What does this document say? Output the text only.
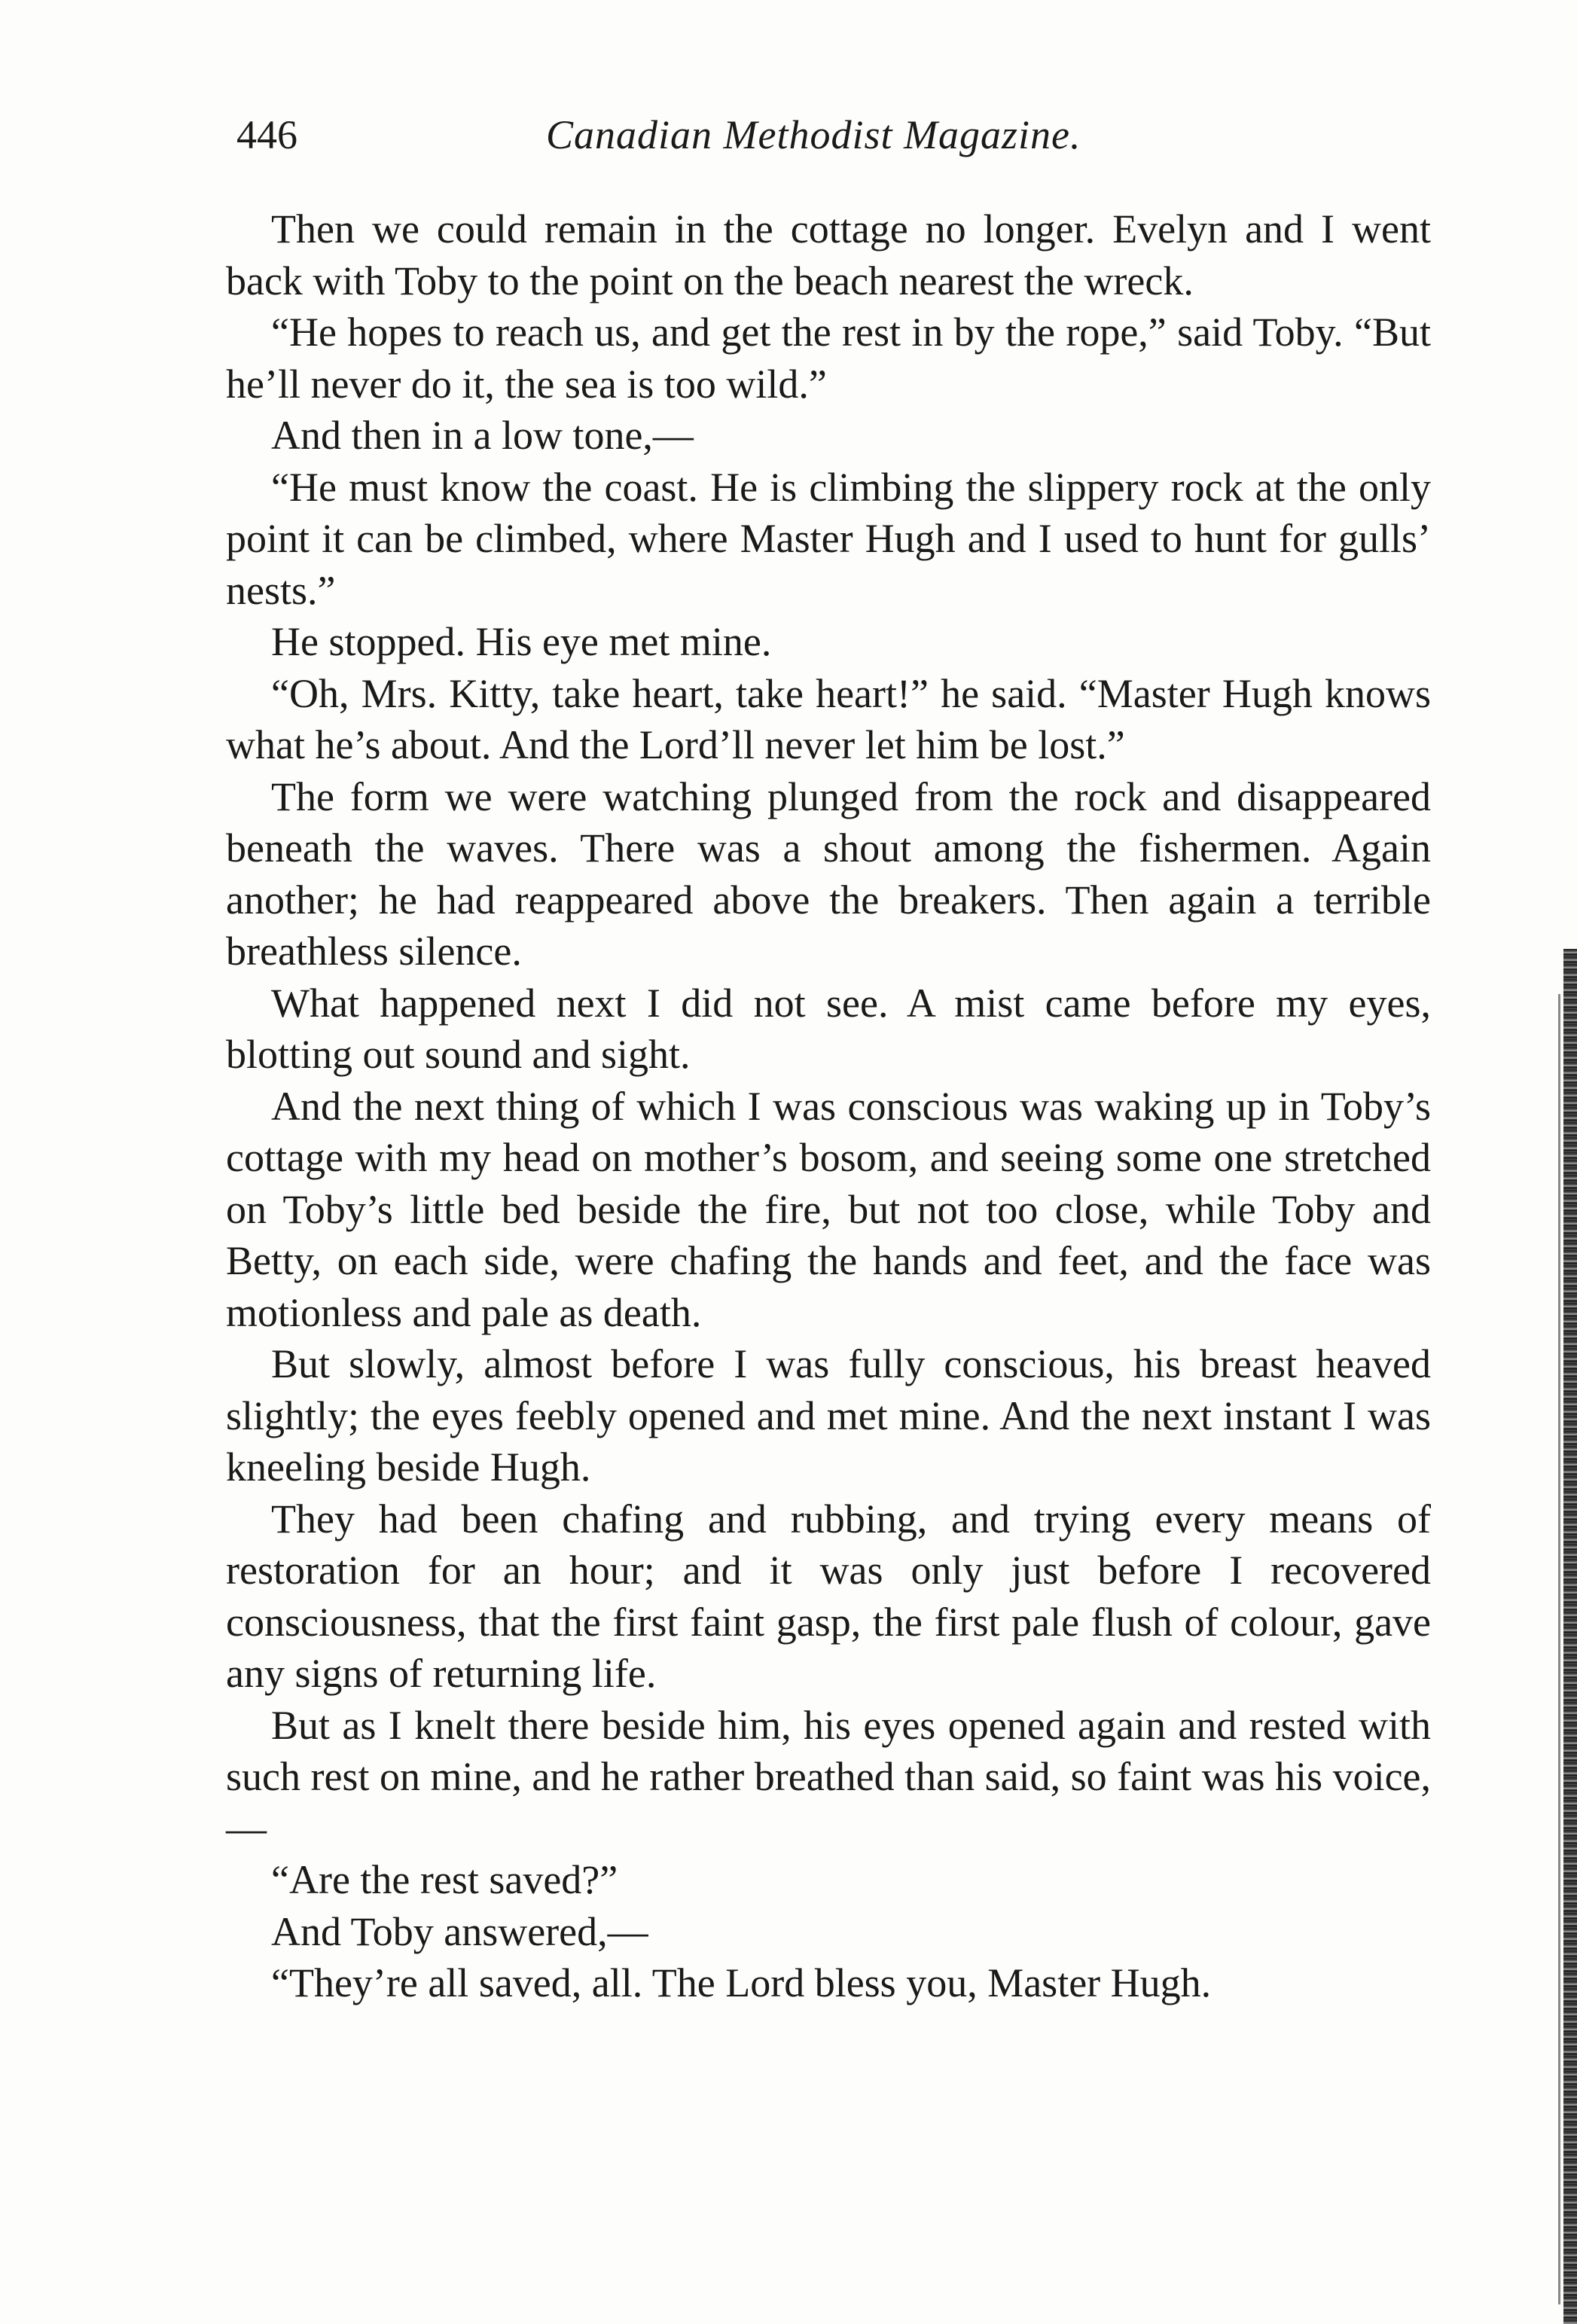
446	Canadian Methodist Magazine.

Then we could remain in the cottage no longer. Evelyn and I went back with Toby to the point on the beach nearest the wreck.

“He hopes to reach us, and get the rest in by the rope,” said Toby. “But he’ll never do it, the sea is too wild.”

And then in a low tone,—

“He must know the coast. He is climbing the slippery rock at the only point it can be climbed, where Master Hugh and I used to hunt for gulls’ nests.”

He stopped. His eye met mine.

“Oh, Mrs. Kitty, take heart, take heart!” he said. “Master Hugh knows what he’s about. And the Lord’ll never let him be lost.”

The form we were watching plunged from the rock and disappeared beneath the waves. There was a shout among the fishermen. Again another; he had reappeared above the breakers. Then again a terrible breathless silence.

What happened next I did not see. A mist came before my eyes, blotting out sound and sight.

And the next thing of which I was conscious was waking up in Toby’s cottage with my head on mother’s bosom, and seeing some one stretched on Toby’s little bed beside the fire, but not too close, while Toby and Betty, on each side, were chafing the hands and feet, and the face was motionless and pale as death.

But slowly, almost before I was fully conscious, his breast heaved slightly; the eyes feebly opened and met mine. And the next instant I was kneeling beside Hugh.

They had been chafing and rubbing, and trying every means of restoration for an hour; and it was only just before I recovered consciousness, that the first faint gasp, the first pale flush of colour, gave any signs of returning life.

But as I knelt there beside him, his eyes opened again and rested with such rest on mine, and he rather breathed than said, so faint was his voice,—

“Are the rest saved?”

And Toby answered,—

“They’re all saved, all. The Lord bless you, Master Hugh.
